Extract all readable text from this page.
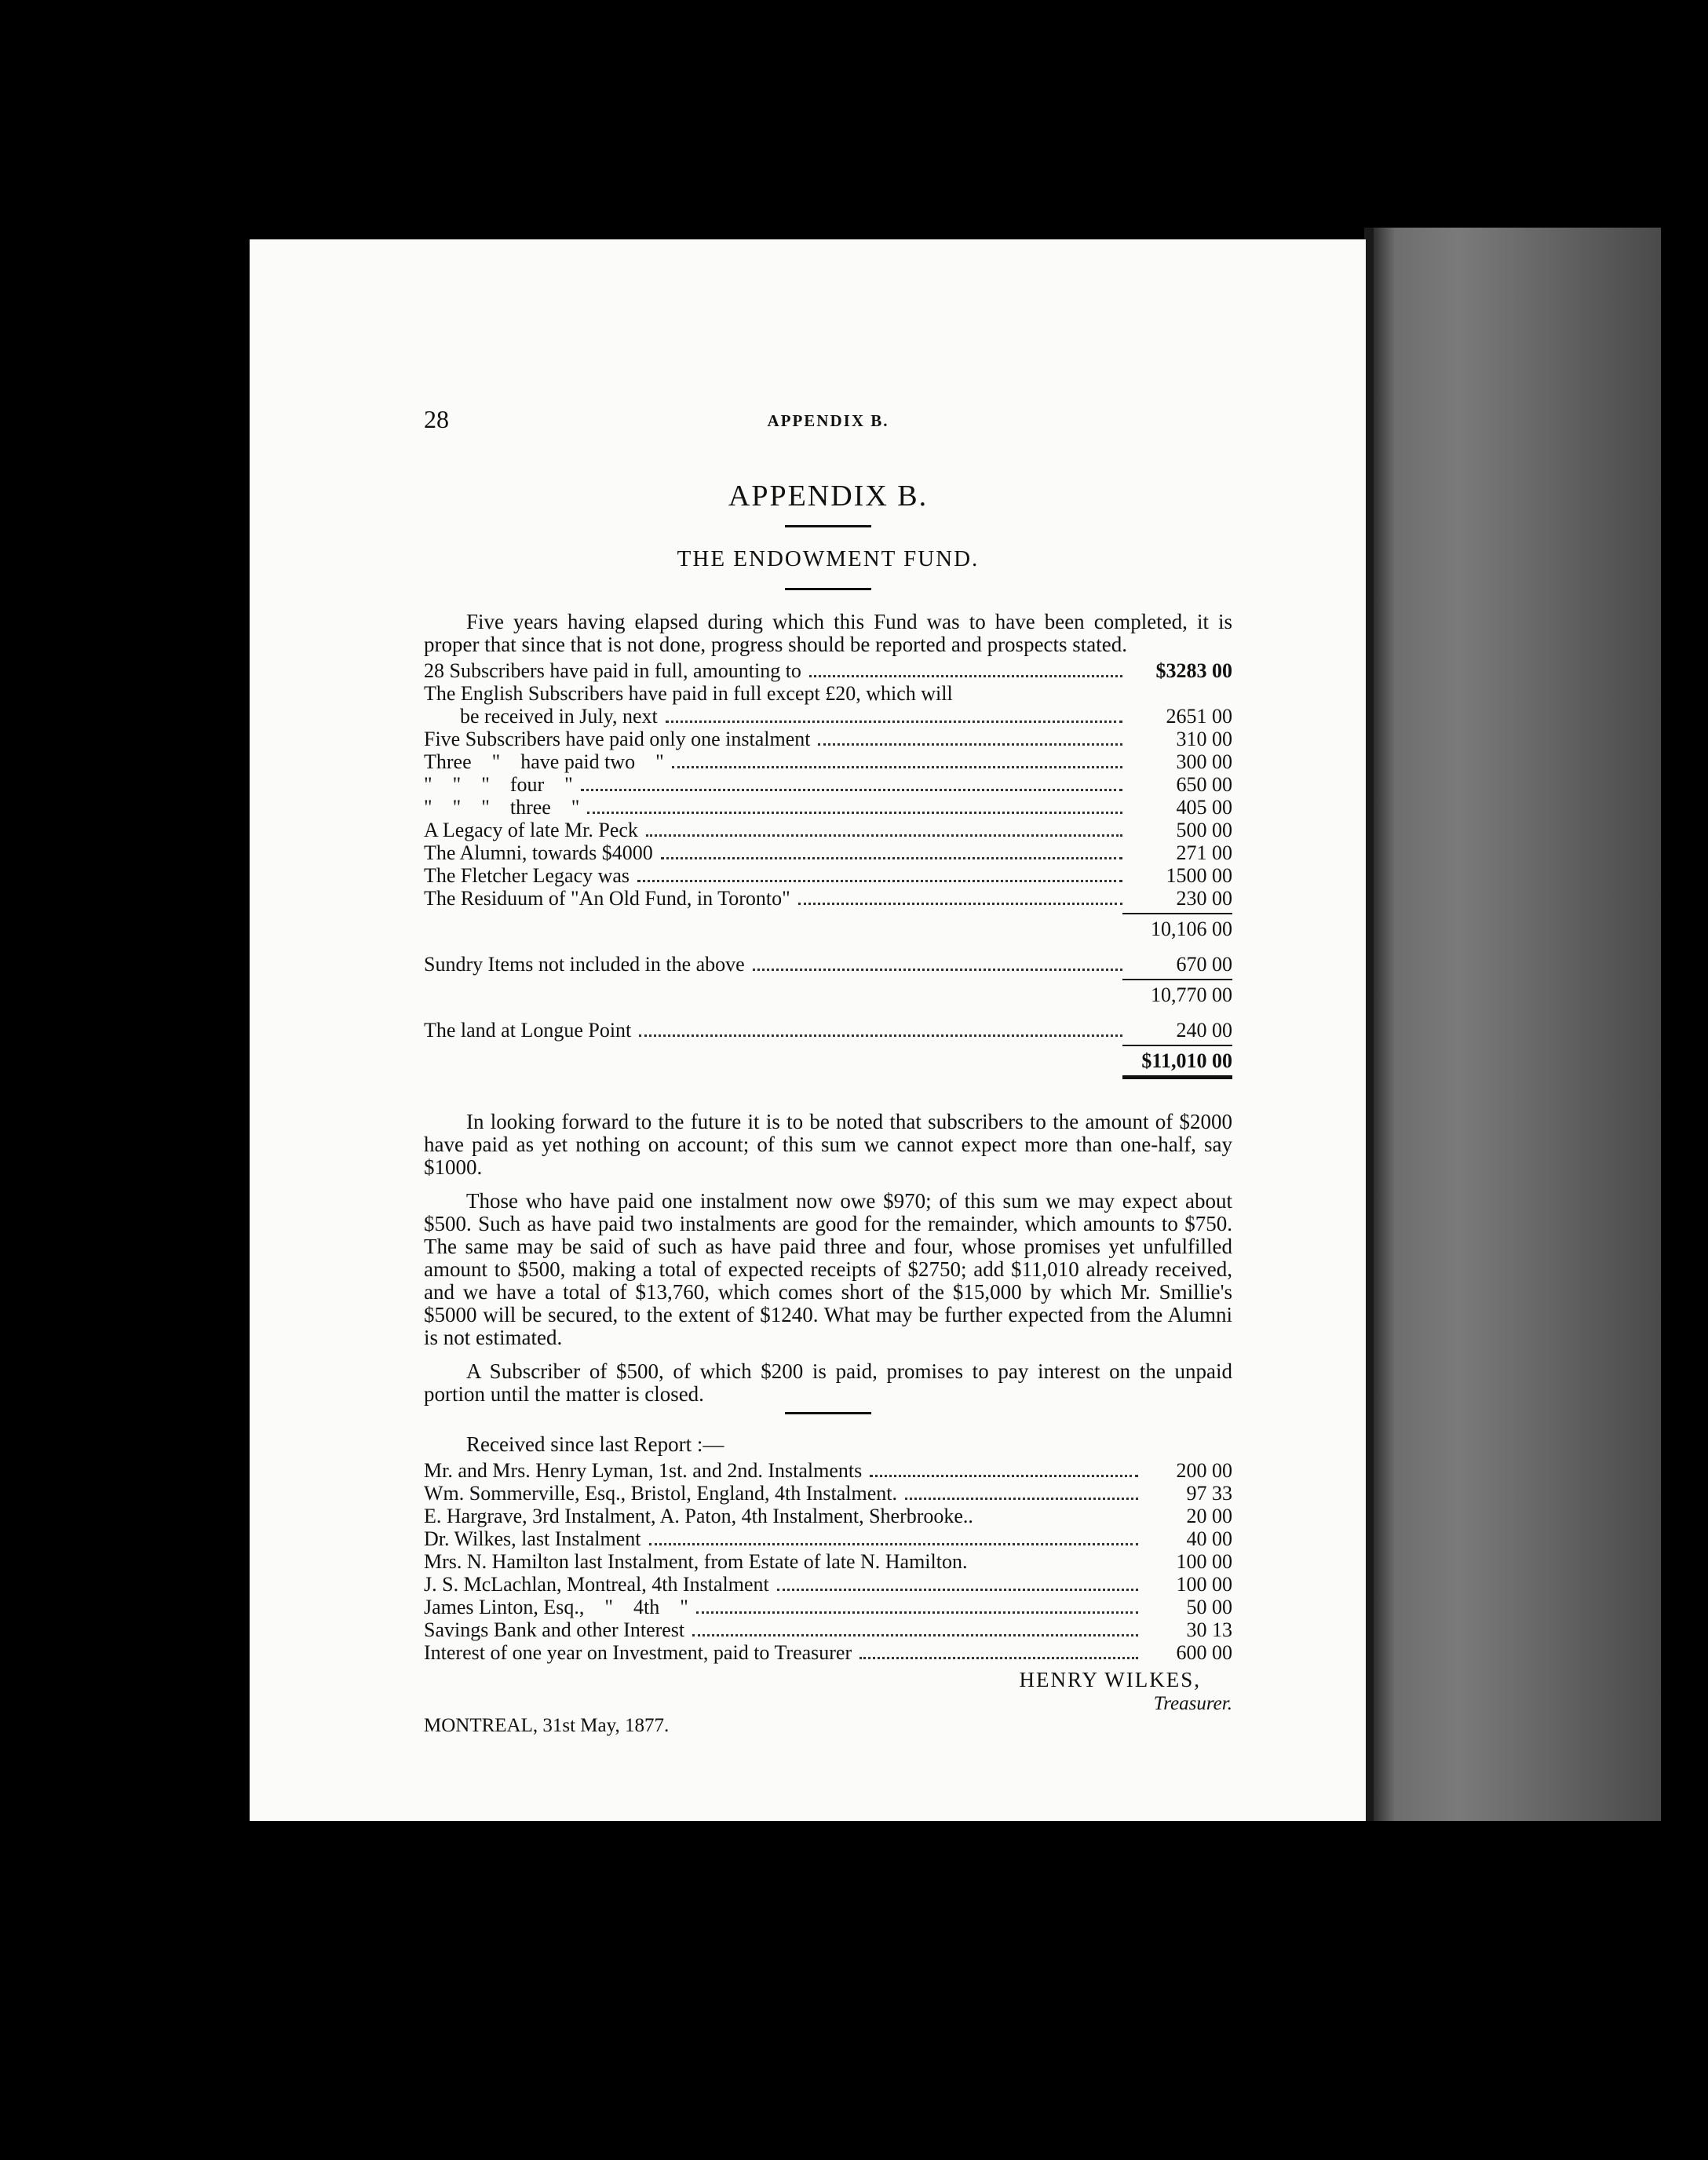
28	APPENDIX B.
APPENDIX B.
THE ENDOWMENT FUND.

Five years having elapsed during which this Fund was to have been completed, it is proper that since that is not done, progress should be reported and prospects stated.

28 Subscribers have paid in full, amounting to	$3283 00
The English Subscribers have paid in full except £20, which will
be received in July, next	2651 00
Five Subscribers have paid only one instalment	310 00
Three    "    have paid two    "	300 00
"    "    "    four    "	650 00
"    "    "    three    "	405 00
A Legacy of late Mr. Peck	500 00
The Alumni, towards $4000	271 00
The Fletcher Legacy was	1500 00
The Residuum of "An Old Fund, in Toronto"	230 00
10,106 00
Sundry Items not included in the above	670 00
10,770 00
The land at Longue Point	240 00
$11,010 00

In looking forward to the future it is to be noted that subscribers to the amount of $2000 have paid as yet nothing on account; of this sum we cannot expect more than one-half, say $1000.

Those who have paid one instalment now owe $970; of this sum we may expect about $500. Such as have paid two instalments are good for the remainder, which amounts to $750. The same may be said of such as have paid three and four, whose promises yet unfulfilled amount to $500, making a total of expected receipts of $2750; add $11,010 already received, and we have a total of $13,760, which comes short of the $15,000 by which Mr. Smillie's $5000 will be secured, to the extent of $1240. What may be further expected from the Alumni is not estimated.

A Subscriber of $500, of which $200 is paid, promises to pay interest on the unpaid portion until the matter is closed.

Received since last Report :—
Mr. and Mrs. Henry Lyman, 1st. and 2nd. Instalments	200 00
Wm. Sommerville, Esq., Bristol, England, 4th Instalment.	97 33
E. Hargrave, 3rd Instalment, A. Paton, 4th Instalment, Sherbrooke..	20 00
Dr. Wilkes, last Instalment	40 00
Mrs. N. Hamilton last Instalment, from Estate of late N. Hamilton.	100 00
J. S. McLachlan, Montreal, 4th Instalment	100 00
James Linton, Esq.,    "    4th    "	50 00
Savings Bank and other Interest	30 13
Interest of one year on Investment, paid to Treasurer	600 00
HENRY WILKES,
Treasurer.
MONTREAL, 31st May, 1877.
